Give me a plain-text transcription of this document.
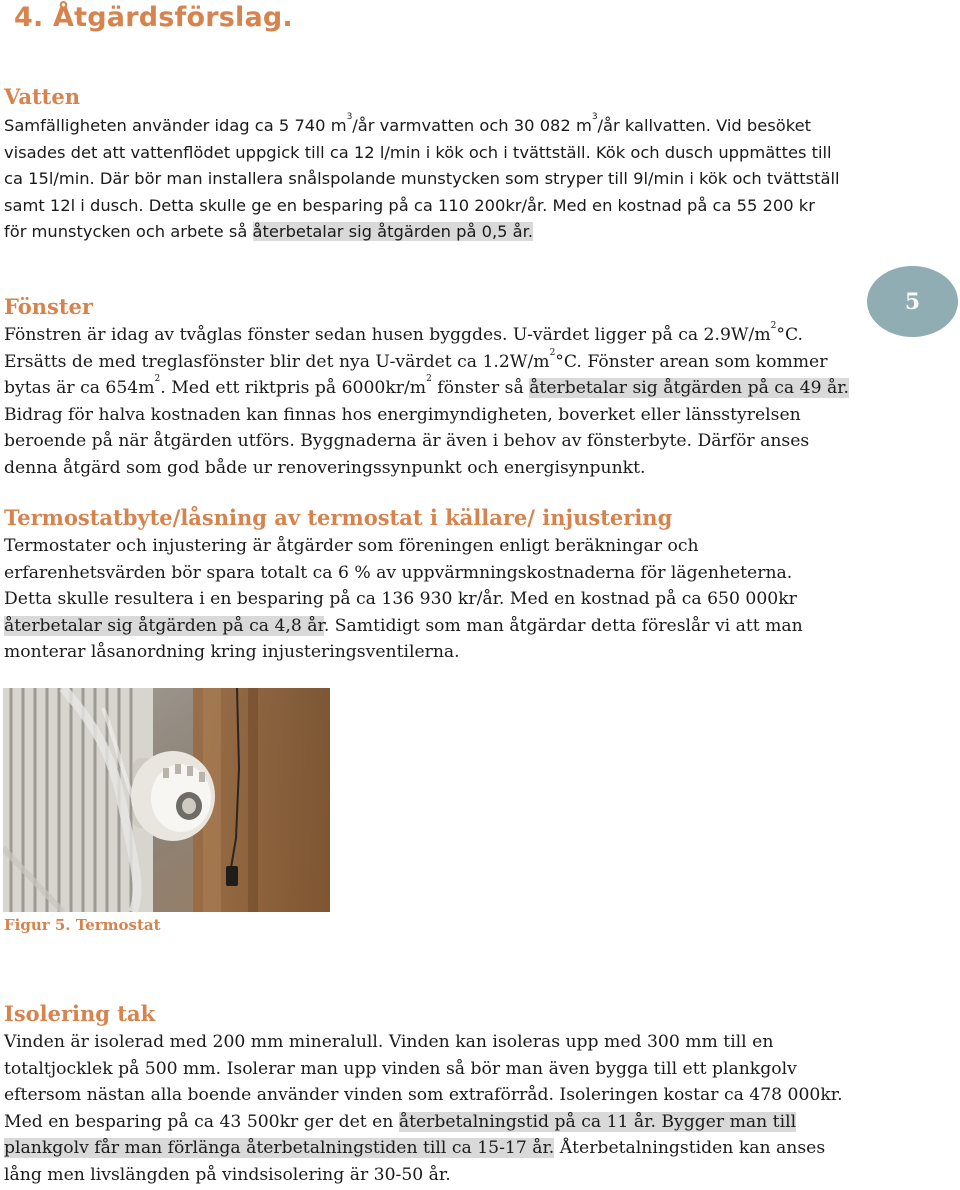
4. Åtgärdsförslag.
Vatten

Samfälligheten använder idag ca 5 740 $m^3/år$ varmvatten och 30 082 $m^3/år$ kallvatten. Vid besöket visades det att vattenflödet uppgick till ca 12 l/min i kök och i tvättställ. Kök och dusch uppmättes till ca 15l/min. Där bör man installera snålspolande munstycken som stryper till 9l/min i kök och tvättställ samt 12l i dusch. Detta skulle ge en besparing på ca 110 200kr/år. Med en kostnad på ca 55 200 kr för munstycken och arbete så återbetalar sig åtgärden på 0,5 år.

5
Fönster

Fönstren är idag av tvåglas fönster sedan husen byggdes. U-värdet ligger på ca $2.9W/m^2^\circ C$. Ersätts de med treglasfönster blir det nya U-värdet ca $1.2W/m^2^\circ C$. Fönster arean som kommer bytas är ca $654m^2$. Med ett riktpris på $6000kr/m^2$ fönster så återbetalar sig åtgärden på ca 49 år. Bidrag för halva kostnaden kan finnas hos energimyndigheten, boverket eller länsstyrelsen beroende på när åtgärden utförs. Byggnaderna är även i behov av fönsterbyte. Därför anses denna åtgärd som god både ur renoveringssynpunkt och energisynpunkt.

Termostatbyte/låsning av termostat i källare/ injustering

Termostater och injustering är åtgärder som föreningen enligt beräkningar och erfarenhetsvärden bör spara totalt ca 6 % av uppvärmningskostnaderna för lägenheterna. Detta skulle resultera i en besparing på ca 136 930 kr/år. Med en kostnad på ca 650 000kr återbetalar sig åtgärden på ca 4,8 år. Samtidigt som man åtgärdar detta föreslår vi att man monterar låsanordning kring injusteringsventilerna.

Figur 5. Termostat
Isolering tak

Vinden är isolerad med 200 mm mineralull. Vinden kan isoleras upp med 300 mm till en totaltjocklek på 500 mm. Isolerar man upp vinden så bör man även bygga till ett plankgolv eftersom nästan alla boende använder vinden som extraförråd. Isoleringen kostar ca 478 000kr. Med en besparing på ca 43 500kr ger det en återbetalningstid på ca 11 år. Bygger man till plankgolv får man förlänga återbetalningstiden till ca 15-17 år. Återbetalningstiden kan anses lång men livslängden på vindsisolering är 30-50 år.
